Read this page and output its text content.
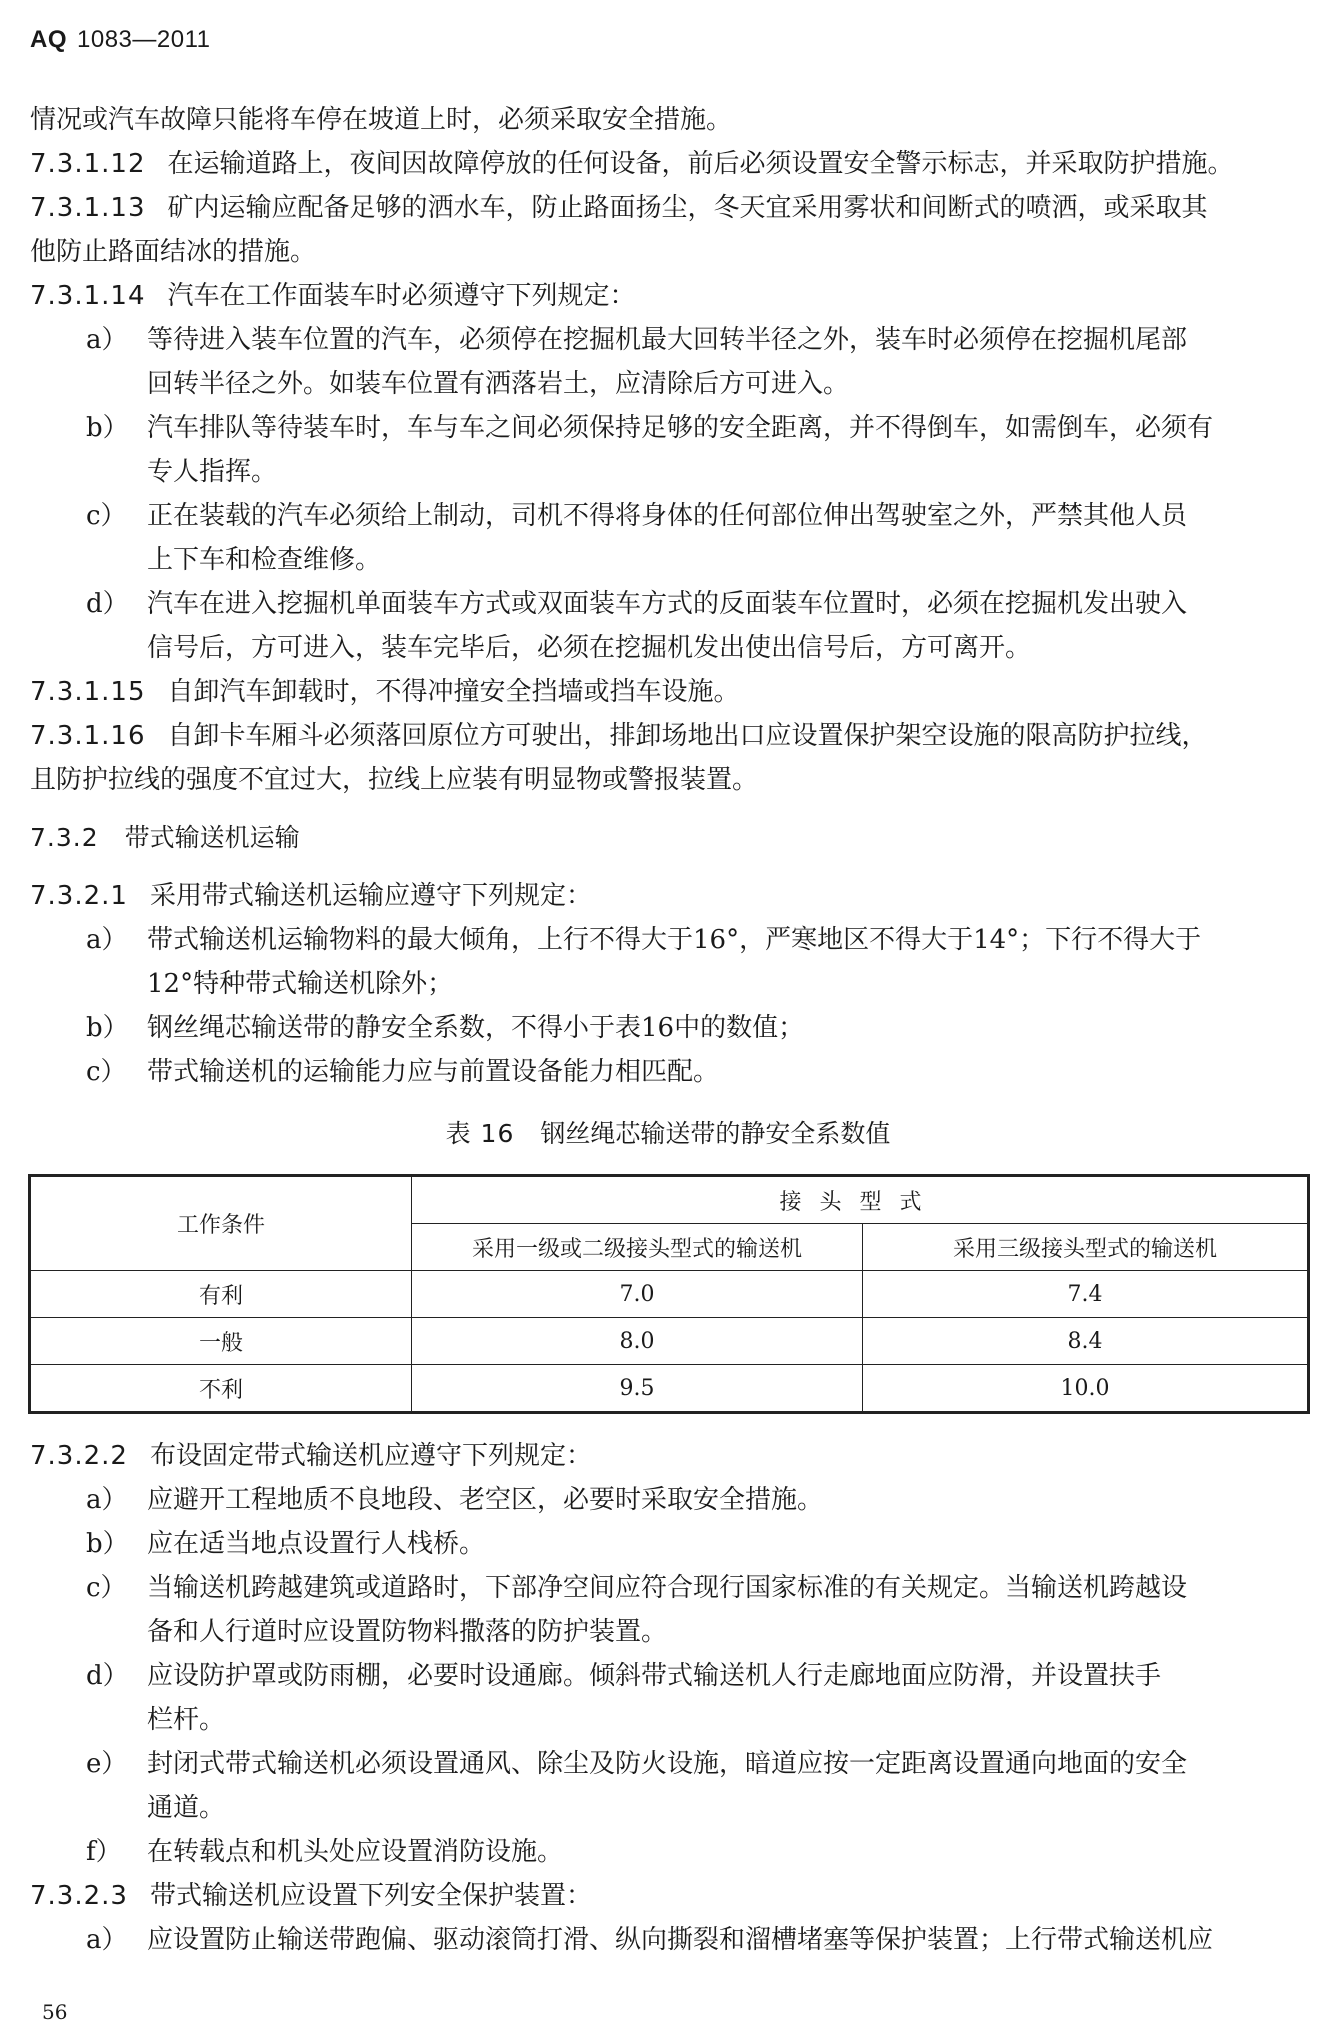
AQ 1083—2011
情况或汽车故障只能将车停在坡道上时，必须采取安全措施。
7.3.1.12 在运输道路上，夜间因故障停放的任何设备，前后必须设置安全警示标志，并采取防护措施。
7.3.1.13 矿内运输应配备足够的洒水车，防止路面扬尘，冬天宜采用雾状和间断式的喷洒，或采取其
他防止路面结冰的措施。
7.3.1.14 汽车在工作面装车时必须遵守下列规定：
a） 等待进入装车位置的汽车，必须停在挖掘机最大回转半径之外，装车时必须停在挖掘机尾部
回转半径之外。如装车位置有洒落岩土，应清除后方可进入。
b） 汽车排队等待装车时，车与车之间必须保持足够的安全距离，并不得倒车，如需倒车，必须有
专人指挥。
c） 正在装载的汽车必须给上制动，司机不得将身体的任何部位伸出驾驶室之外，严禁其他人员
上下车和检查维修。
d） 汽车在进入挖掘机单面装车方式或双面装车方式的反面装车位置时，必须在挖掘机发出驶入
信号后，方可进入，装车完毕后，必须在挖掘机发出使出信号后，方可离开。
7.3.1.15 自卸汽车卸载时，不得冲撞安全挡墙或挡车设施。
7.3.1.16 自卸卡车厢斗必须落回原位方可驶出，排卸场地出口应设置保护架空设施的限高防护拉线，
且防护拉线的强度不宜过大，拉线上应装有明显物或警报装置。
7.3.2 带式输送机运输
7.3.2.1 采用带式输送机运输应遵守下列规定：
a） 带式输送机运输物料的最大倾角，上行不得大于16°，严寒地区不得大于14°；下行不得大于
12°特种带式输送机除外；
b） 钢丝绳芯输送带的静安全系数，不得小于表16中的数值；
c） 带式输送机的运输能力应与前置设备能力相匹配。
表 16 钢丝绳芯输送带的静安全系数值
工作条件	接头型式	
	采用一级或二级接头型式的输送机	采用三级接头型式的输送机
有利	7.0	7.4
一般	8.0	8.4
不利	9.5	10.0
7.3.2.2 布设固定带式输送机应遵守下列规定：
a） 应避开工程地质不良地段、老空区，必要时采取安全措施。
b） 应在适当地点设置行人栈桥。
c） 当输送机跨越建筑或道路时，下部净空间应符合现行国家标准的有关规定。当输送机跨越设
备和人行道时应设置防物料撒落的防护装置。
d） 应设防护罩或防雨棚，必要时设通廊。倾斜带式输送机人行走廊地面应防滑，并设置扶手
栏杆。
e） 封闭式带式输送机必须设置通风、除尘及防火设施，暗道应按一定距离设置通向地面的安全
通道。
f） 在转载点和机头处应设置消防设施。
7.3.2.3 带式输送机应设置下列安全保护装置：
a） 应设置防止输送带跑偏、驱动滚筒打滑、纵向撕裂和溜槽堵塞等保护装置；上行带式输送机应
56
